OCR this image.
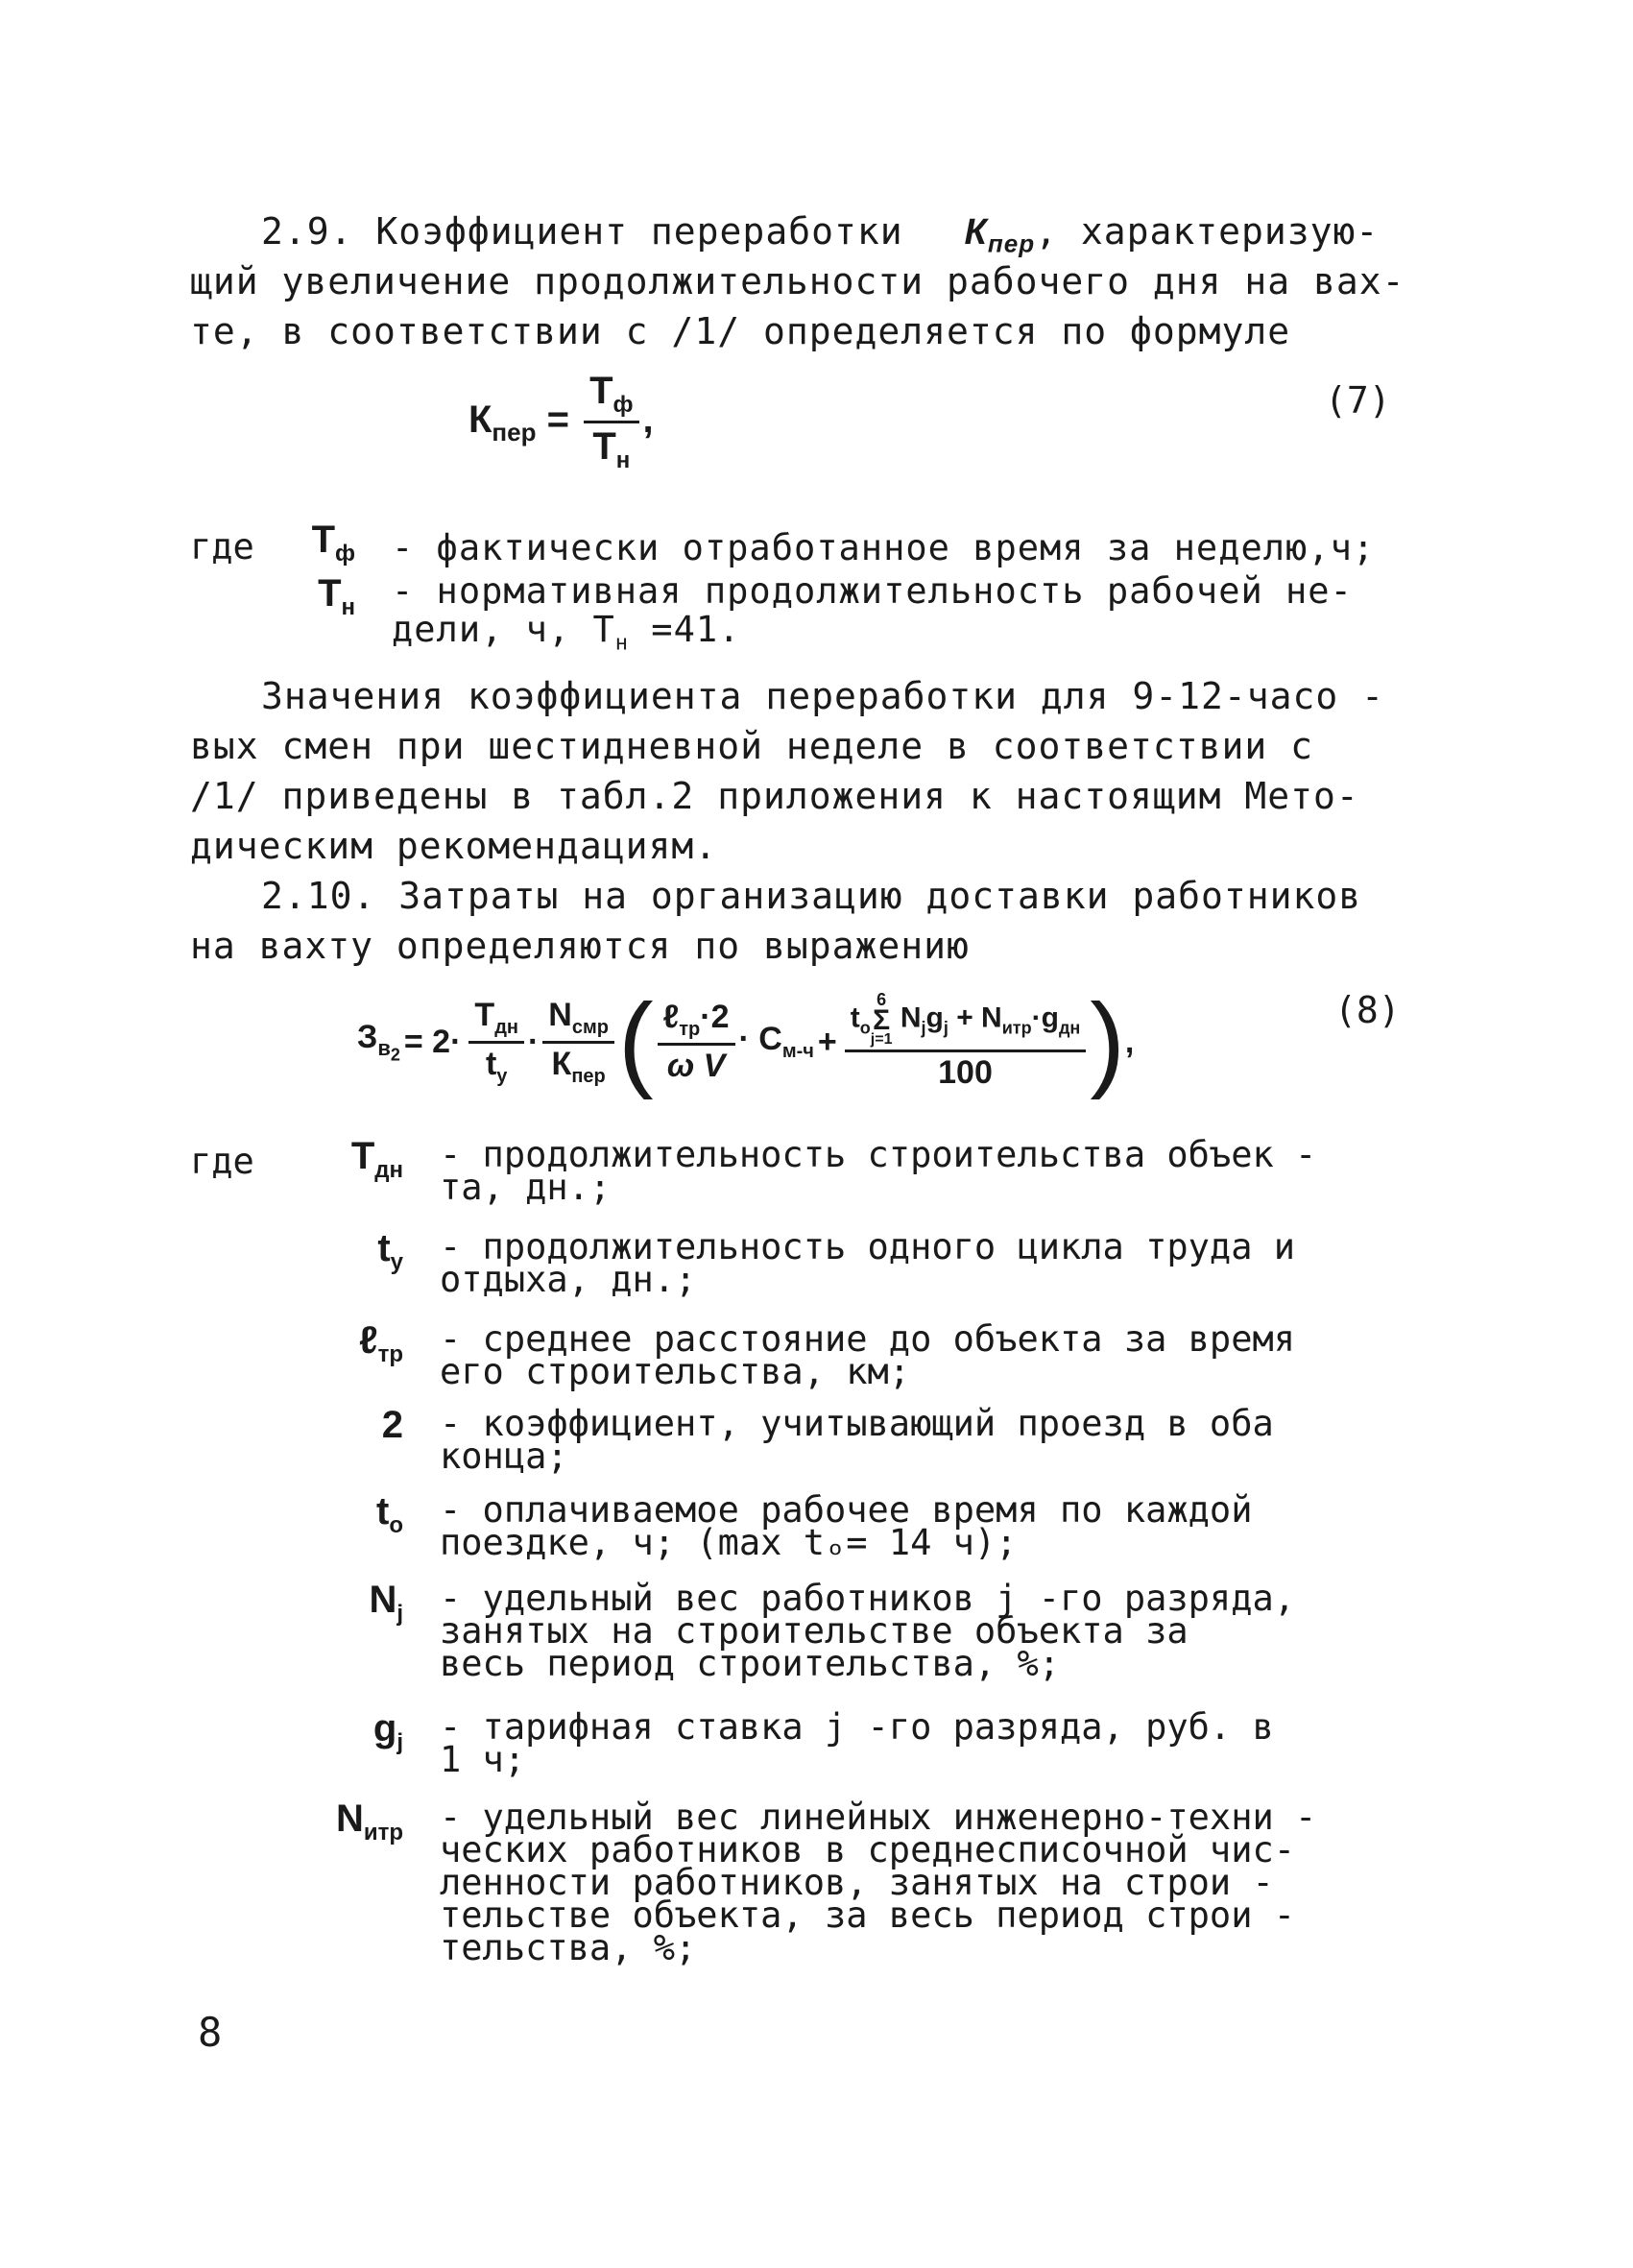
2.9. Коэффициент переработки $К_{пер}$, характеризую-
щий увеличение продолжительности рабочего дня на вах-
те, в соответствии с /1/ определяется по формуле
$К_{пер} = \frac{Т_ф}{Т_н}$ ,	(7)
где	$Т_ф$ - фактически отработанное время за неделю,ч;
$Т_н$ - нормативная продолжительность рабочей не-
дели, ч, $Т_н =41$.
Значения коэффициента переработки для 9-12-часо -
вых смен при шестидневной неделе в соответствии с
/1/ приведены в табл.2 приложения к настоящим Мето-
дическим рекомендациям.
2.10. Затраты на организацию доставки работников
на вахту определяются по выражению
$З_{в_2} = 2\cdot \frac{Т_{дн}}{t_у} \cdot \frac{N_{смр}}{К_{пер}}$ ( $\frac{\ell_{тр}\cdot 2}{\text{ω V}} \cdot С_{м-ч} + t_o$
6
Σ
j=1
$N_jg_j + N_{итр}\cdot g_{дн}$
100 ) ,
(8)
где	$Т_{дн}$ - продолжительность строительства объек -
та, дн.;
$t_у$ - продолжительность одного цикла труда и
отдыха, дн.;
ℓ$_{тр}$ - среднее расстояние до объекта за время
его строительства, км;
2 - коэффициент, учитывающий проезд в оба
конца;
$t_о$ - оплачиваемое рабочее время по каждой
поездке, ч; (max tₒ= 14 ч);
$N_j$ - удельный вес работников j -го разряда,
занятых на строительстве объекта за
весь период строительства, %;
$g_j$ - тарифная ставка j -го разряда, руб. в
1 ч;
$N_{итр}$ - удельный вес линейных инженерно-техни -
ческих работников в среднесписочной чис-
ленности работников, занятых на строи -
тельстве объекта, за весь период строи -
тельства, %;
8
